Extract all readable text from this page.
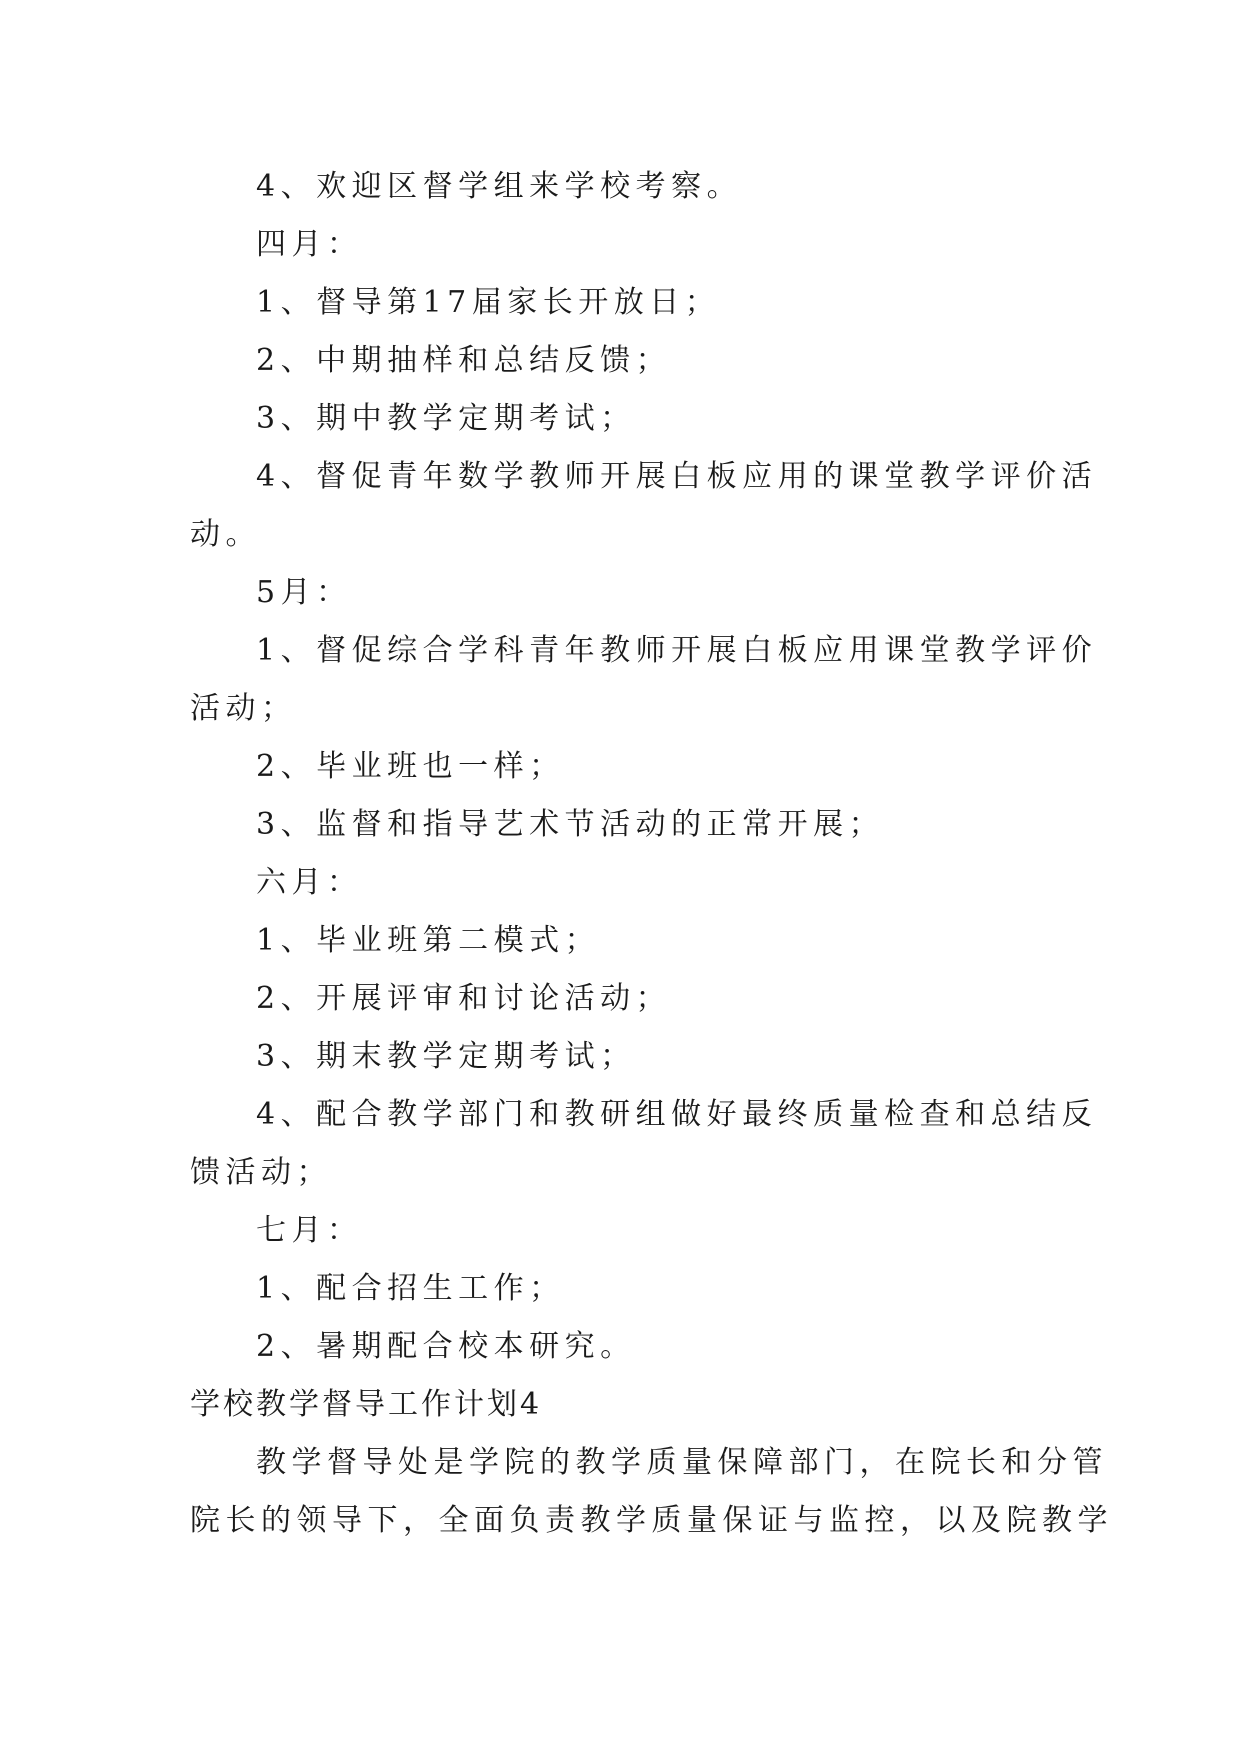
4、欢迎区督学组来学校考察。
四月：
1、督导第17届家长开放日；
2、中期抽样和总结反馈；
3、期中教学定期考试；
4、督促青年数学教师开展白板应用的课堂教学评价活
动。
5月：
1、督促综合学科青年教师开展白板应用课堂教学评价
活动；
2、毕业班也一样；
3、监督和指导艺术节活动的正常开展；
六月：
1、毕业班第二模式；
2、开展评审和讨论活动；
3、期末教学定期考试；
4、配合教学部门和教研组做好最终质量检查和总结反
馈活动；
七月：
1、配合招生工作；
2、暑期配合校本研究。
学校教学督导工作计划4
教学督导处是学院的教学质量保障部门，在院长和分管
院长的领导下，全面负责教学质量保证与监控，以及院教学
